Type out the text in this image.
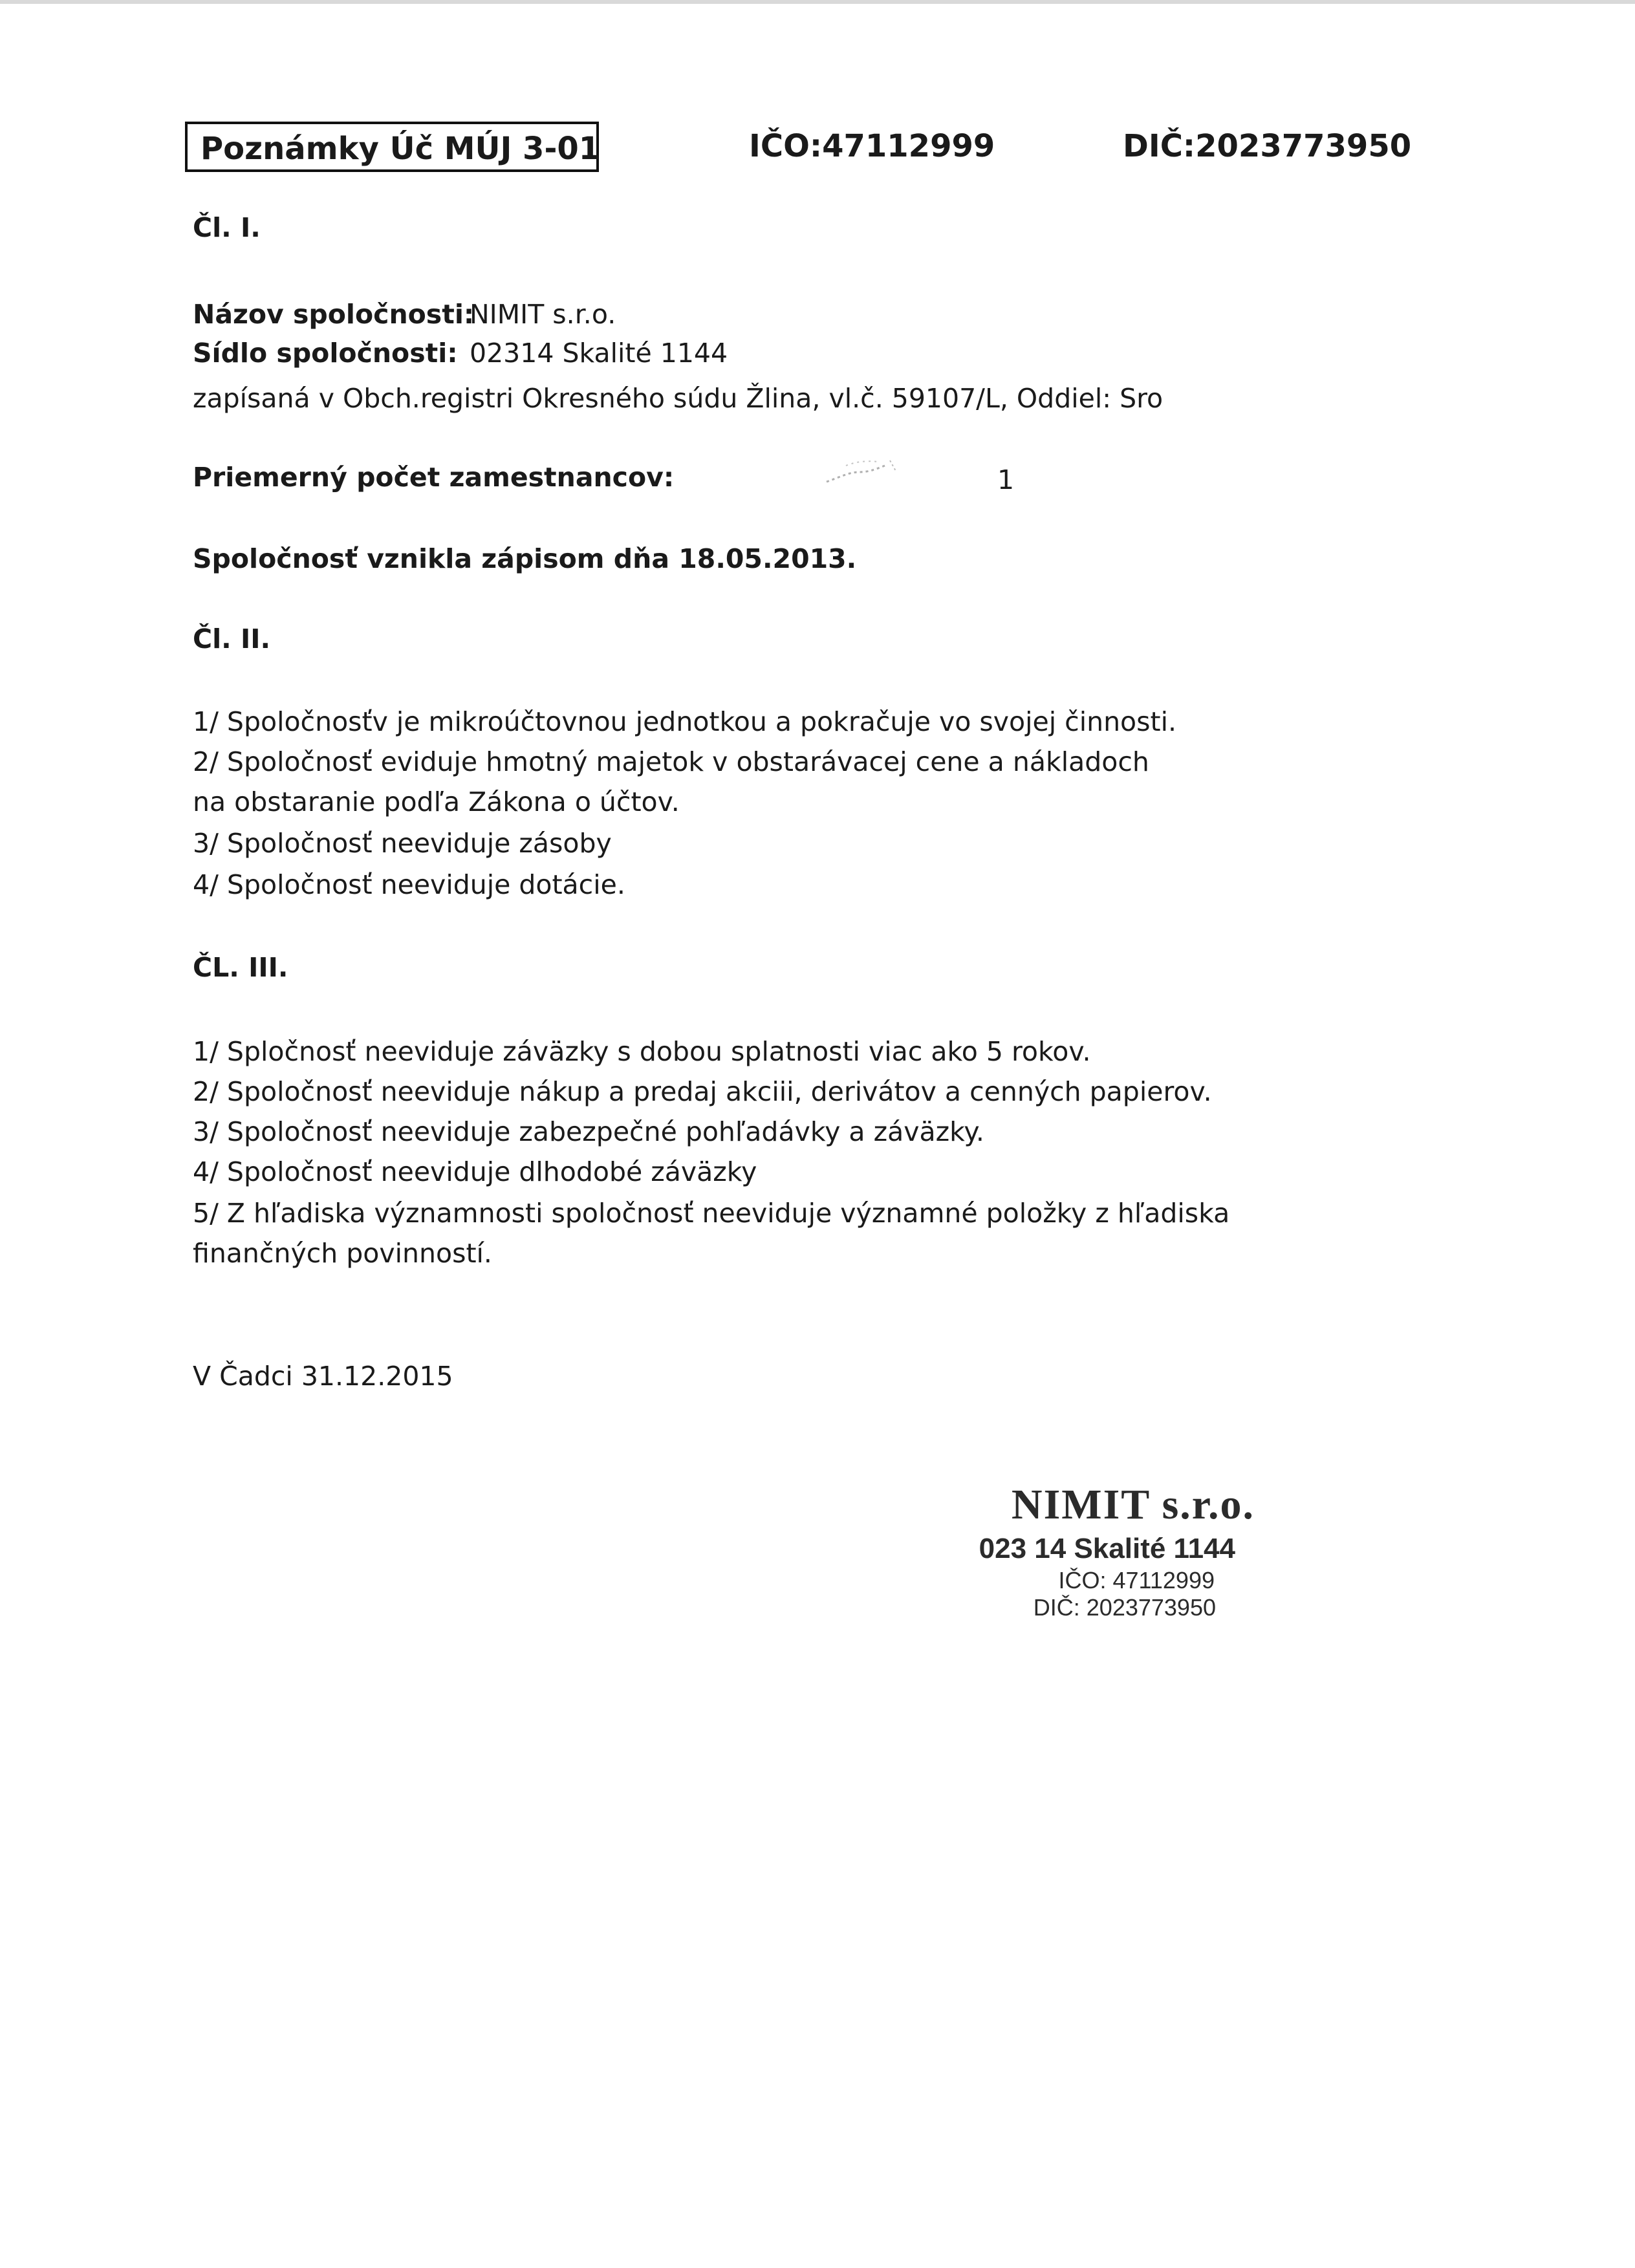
Poznámky Úč MÚJ 3-01	IČO:47112999	DIČ:2023773950
Čl. I.
Názov spoločnosti:NIMIT s.r.o.
Sídlo spoločnosti: 02314 Skalité 1144
zapísaná v Obch.registri Okresného súdu Žlina, vl.č. 59107/L, Oddiel: Sro
Priemerný počet zamestnancov:	1
Spoločnosť vznikla zápisom dňa 18.05.2013.
Čl. II.
1/ Spoločnosťv je mikroúčtovnou jednotkou a pokračuje vo svojej činnosti.
2/ Spoločnosť eviduje hmotný majetok v obstarávacej cene a nákladoch
na obstaranie podľa Zákona o účtov.
3/ Spoločnosť neeviduje zásoby
4/ Spoločnosť neeviduje dotácie.
ČL. III.
1/ Spločnosť neeviduje záväzky s dobou splatnosti viac ako 5 rokov.
2/ Spoločnosť neeviduje nákup a predaj akciii, derivátov a cenných papierov.
3/ Spoločnosť neeviduje zabezpečné pohľadávky a záväzky.
4/ Spoločnosť neeviduje dlhodobé záväzky
5/ Z hľadiska významnosti spoločnosť neeviduje významné položky z hľadiska
finančných povinností.
V Čadci 31.12.2015
NIMIT s.r.o.
023 14 Skalité 1144
IČO: 47112999
DIČ: 2023773950
